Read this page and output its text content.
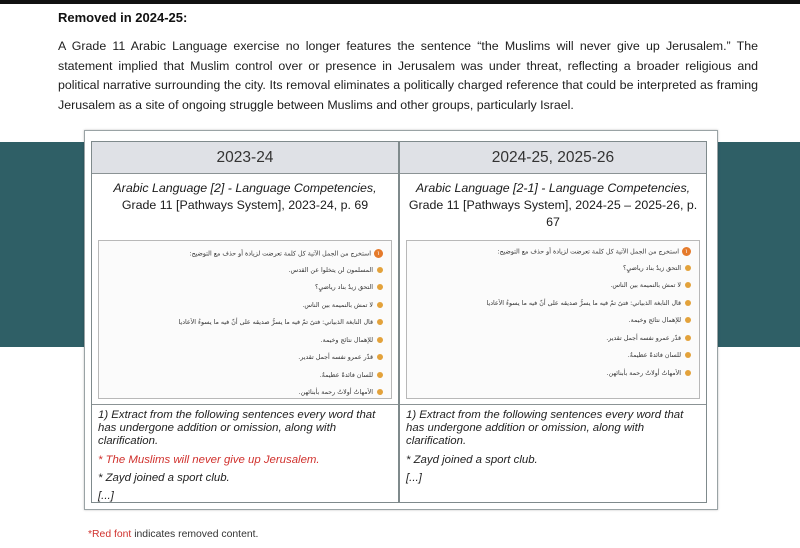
Removed in 2024-25:
A Grade 11 Arabic Language exercise no longer features the sentence “the Muslims will never give up Jerusalem.” The statement implied that Muslim control over or presence in Jerusalem was under threat, reflecting a broader religious and political narrative surrounding the city. Its removal eliminates a politically charged reference that could be interpreted as framing Jerusalem as a site of ongoing struggle between Muslims and other groups, particularly Israel.
2023-24
Arabic Language [2] - Language Competencies, Grade 11 [Pathways System], 2023-24, p. 69
١استخرج من الجمل الآتية كل كلمة تعرضت لزيادة أو حذف مع التوضيح:
المسلمون لن يتخلوا عن القدس.
التحق زيدٌ بناد رياضيٍ؟
لا تمش بالنميمة بين الناس.
قال النابغة الذبياني: فتىً تمّ فيه ما يسرُّ صديقه على أنّ فيه ما يسوءُ الأعاديا
للإهمال نتائج وخيمة.
قدّر عمرو نفسه أجمل تقدير.
للسان فائدةٌ عظيمةٌ.
الأمهاتُ أولاتُ رحمة بأبنائهن.
1) Extract from the following sentences every word that has undergone addition or omission, along with clarification.
* The Muslims will never give up Jerusalem.
* Zayd joined a sport club.
[...]
2024-25, 2025-26
Arabic Language [2-1] - Language Competencies, Grade 11 [Pathways System], 2024-25 – 2025-26, p. 67
١استخرج من الجمل الآتية كل كلمة تعرضت لزيادة أو حذف مع التوضيح:
التحق زيدٌ بناد رياضيٍ؟
لا تمش بالنميمة بين الناس.
قال النابغة الذبياني: فتىً تمّ فيه ما يسرُّ صديقه على أنّ فيه ما يسوءُ الأعاديا
للإهمال نتائج وخيمة.
قدّر عمرو نفسه أجمل تقدير.
للسان فائدةٌ عظيمةٌ.
الأمهاتُ أولاتُ رحمة بأبنائهن.
1) Extract from the following sentences every word that has undergone addition or omission, along with clarification.
* Zayd joined a sport club.
[...]
*Red font indicates removed content.
